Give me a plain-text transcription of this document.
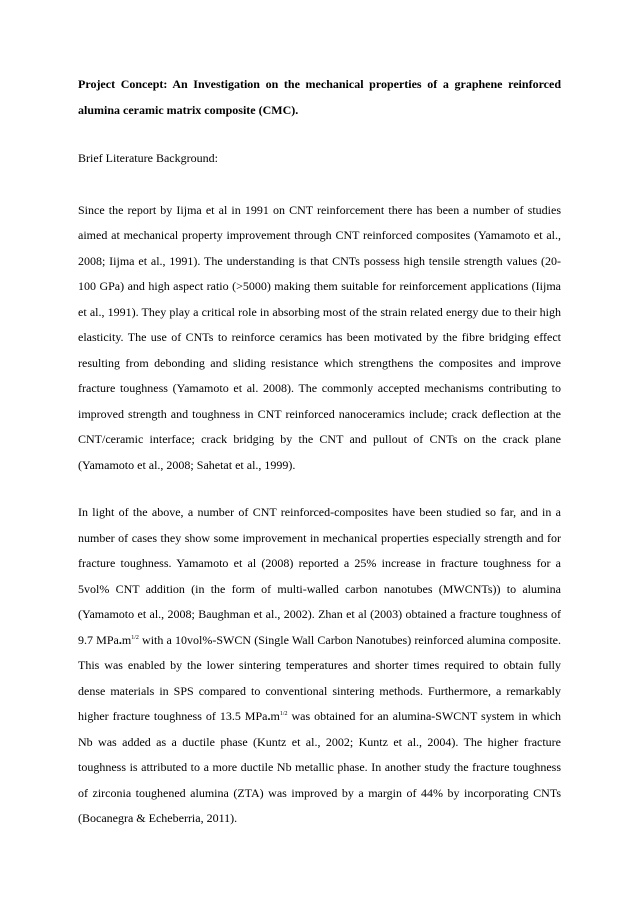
Project Concept: An Investigation on the mechanical properties of a graphene reinforced alumina ceramic matrix composite (CMC).

Brief Literature Background:

Since the report by Iijma et al in 1991 on CNT reinforcement there has been a number of studies aimed at mechanical property improvement through CNT reinforced composites (Yamamoto et al., 2008; Iijma et al., 1991). The understanding is that CNTs possess high tensile strength values (20-100 GPa) and high aspect ratio (>5000) making them suitable for reinforcement applications (Iijma et al., 1991). They play a critical role in absorbing most of the strain related energy due to their high elasticity. The use of CNTs to reinforce ceramics has been motivated by the fibre bridging effect resulting from debonding and sliding resistance which strengthens the composites and improve fracture toughness (Yamamoto et al. 2008). The commonly accepted mechanisms contributing to improved strength and toughness in CNT reinforced nanoceramics include; crack deflection at the CNT/ceramic interface; crack bridging by the CNT and pullout of CNTs on the crack plane (Yamamoto et al., 2008; Sahetat et al., 1999).

In light of the above, a number of CNT reinforced-composites have been studied so far, and in a number of cases they show some improvement in mechanical properties especially strength and for fracture toughness. Yamamoto et al (2008) reported a 25% increase in fracture toughness for a 5vol% CNT addition (in the form of multi-walled carbon nanotubes (MWCNTs)) to alumina (Yamamoto et al., 2008; Baughman et al., 2002). Zhan et al (2003) obtained a fracture toughness of 9.7 $MPa.m^{1/2}$ with a 10vol%-SWCN (Single Wall Carbon Nanotubes) reinforced alumina composite. This was enabled by the lower sintering temperatures and shorter times required to obtain fully dense materials in SPS compared to conventional sintering methods. Furthermore, a remarkably higher fracture toughness of 13.5 $MPa.m^{1/2}$ was obtained for an alumina-SWCNT system in which Nb was added as a ductile phase (Kuntz et al., 2002; Kuntz et al., 2004). The higher fracture toughness is attributed to a more ductile Nb metallic phase. In another study the fracture toughness of zirconia toughened alumina (ZTA) was improved by a margin of 44% by incorporating CNTs (Bocanegra & Echeberria, 2011).
